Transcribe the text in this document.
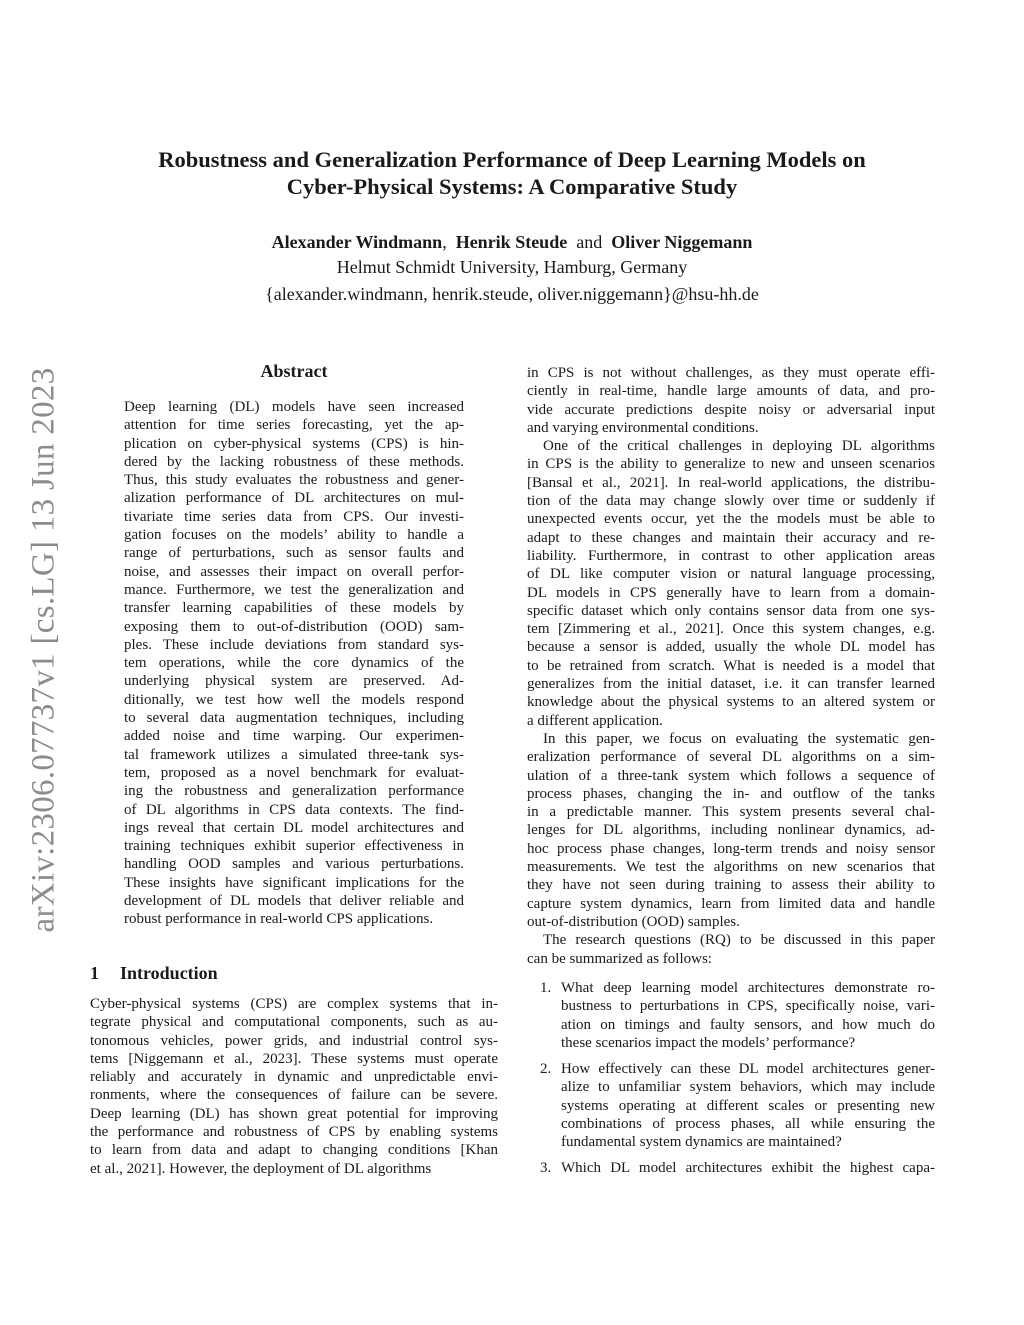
arXiv:2306.07737v1 [cs.LG] 13 Jun 2023
Robustness and Generalization Performance of Deep Learning Models on
Cyber-Physical Systems: A Comparative Study
Alexander Windmann, Henrik Steude and Oliver Niggemann
Helmut Schmidt University, Hamburg, Germany
{alexander.windmann, henrik.steude, oliver.niggemann}@hsu-hh.de
Abstract
Deep learning (DL) models have seen increased
attention for time series forecasting, yet the ap-
plication on cyber-physical systems (CPS) is hin-
dered by the lacking robustness of these methods.
Thus, this study evaluates the robustness and gener-
alization performance of DL architectures on mul-
tivariate time series data from CPS. Our investi-
gation focuses on the models’ ability to handle a
range of perturbations, such as sensor faults and
noise, and assesses their impact on overall perfor-
mance. Furthermore, we test the generalization and
transfer learning capabilities of these models by
exposing them to out-of-distribution (OOD) sam-
ples. These include deviations from standard sys-
tem operations, while the core dynamics of the
underlying physical system are preserved. Ad-
ditionally, we test how well the models respond
to several data augmentation techniques, including
added noise and time warping. Our experimen-
tal framework utilizes a simulated three-tank sys-
tem, proposed as a novel benchmark for evaluat-
ing the robustness and generalization performance
of DL algorithms in CPS data contexts. The find-
ings reveal that certain DL model architectures and
training techniques exhibit superior effectiveness in
handling OOD samples and various perturbations.
These insights have significant implications for the
development of DL models that deliver reliable and
robust performance in real-world CPS applications.
1 Introduction
Cyber-physical systems (CPS) are complex systems that in-
tegrate physical and computational components, such as au-
tonomous vehicles, power grids, and industrial control sys-
tems [Niggemann et al., 2023]. These systems must operate
reliably and accurately in dynamic and unpredictable envi-
ronments, where the consequences of failure can be severe.
Deep learning (DL) has shown great potential for improving
the performance and robustness of CPS by enabling systems
to learn from data and adapt to changing conditions [Khan
et al., 2021]. However, the deployment of DL algorithms
in CPS is not without challenges, as they must operate effi-
ciently in real-time, handle large amounts of data, and pro-
vide accurate predictions despite noisy or adversarial input
and varying environmental conditions.
One of the critical challenges in deploying DL algorithms
in CPS is the ability to generalize to new and unseen scenarios
[Bansal et al., 2021]. In real-world applications, the distribu-
tion of the data may change slowly over time or suddenly if
unexpected events occur, yet the the models must be able to
adapt to these changes and maintain their accuracy and re-
liability. Furthermore, in contrast to other application areas
of DL like computer vision or natural language processing,
DL models in CPS generally have to learn from a domain-
specific dataset which only contains sensor data from one sys-
tem [Zimmering et al., 2021]. Once this system changes, e.g.
because a sensor is added, usually the whole DL model has
to be retrained from scratch. What is needed is a model that
generalizes from the initial dataset, i.e. it can transfer learned
knowledge about the physical systems to an altered system or
a different application.
In this paper, we focus on evaluating the systematic gen-
eralization performance of several DL algorithms on a sim-
ulation of a three-tank system which follows a sequence of
process phases, changing the in- and outflow of the tanks
in a predictable manner. This system presents several chal-
lenges for DL algorithms, including nonlinear dynamics, ad-
hoc process phase changes, long-term trends and noisy sensor
measurements. We test the algorithms on new scenarios that
they have not seen during training to assess their ability to
capture system dynamics, learn from limited data and handle
out-of-distribution (OOD) samples.
The research questions (RQ) to be discussed in this paper
can be summarized as follows:
1. What deep learning model architectures demonstrate ro-
bustness to perturbations in CPS, specifically noise, vari-
ation on timings and faulty sensors, and how much do
these scenarios impact the models’ performance?
2. How effectively can these DL model architectures gener-
alize to unfamiliar system behaviors, which may include
systems operating at different scales or presenting new
combinations of process phases, all while ensuring the
fundamental system dynamics are maintained?
3. Which DL model architectures exhibit the highest capa-
